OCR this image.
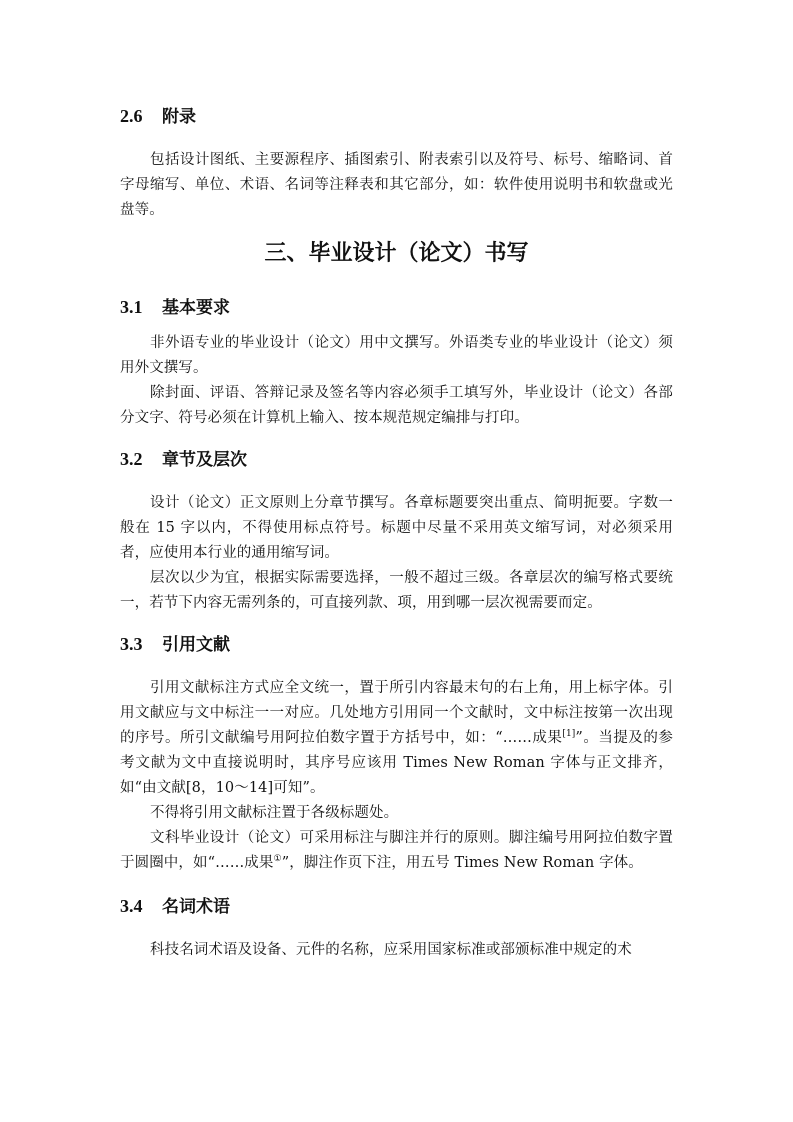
2.6 附录

包括设计图纸、主要源程序、插图索引、附表索引以及符号、标号、缩略词、首字母缩写、单位、术语、名词等注释表和其它部分，如：软件使用说明书和软盘或光盘等。

三、毕业设计（论文）书写
3.1 基本要求

非外语专业的毕业设计（论文）用中文撰写。外语类专业的毕业设计（论文）须用外文撰写。

除封面、评语、答辩记录及签名等内容必须手工填写外，毕业设计（论文）各部分文字、符号必须在计算机上输入、按本规范规定编排与打印。

3.2 章节及层次

设计（论文）正文原则上分章节撰写。各章标题要突出重点、简明扼要。字数一般在 15 字以内，不得使用标点符号。标题中尽量不采用英文缩写词，对必须采用者，应使用本行业的通用缩写词。

层次以少为宜，根据实际需要选择，一般不超过三级。各章层次的编写格式要统一，若节下内容无需列条的，可直接列款、项，用到哪一层次视需要而定。

3.3 引用文献

引用文献标注方式应全文统一，置于所引内容最末句的右上角，用上标字体。引用文献应与文中标注一一对应。几处地方引用同一个文献时，文中标注按第一次出现的序号。所引文献编号用阿拉伯数字置于方括号中，如：“……成果[1]”。当提及的参考文献为文中直接说明时，其序号应该用 Times New Roman 字体与正文排齐，如“由文献[8，10～14]可知”。

不得将引用文献标注置于各级标题处。

文科毕业设计（论文）可采用标注与脚注并行的原则。脚注编号用阿拉伯数字置于圆圈中，如“……成果①”，脚注作页下注，用五号 Times New Roman 字体。

3.4 名词术语

科技名词术语及设备、元件的名称，应采用国家标准或部颁标准中规定的术
